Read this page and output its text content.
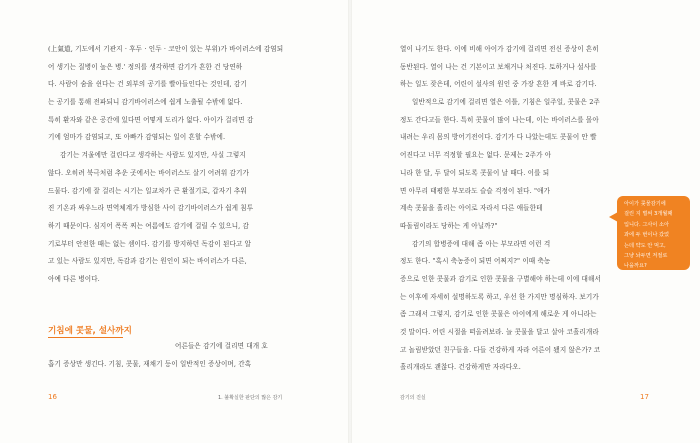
(上氣道, 기도에서 기관지 · 후두 · 인두 · 코안이 있는 부위)가 바이러스에 감염되
어 생기는 질병이 높은 병.' 정의를 생각하면 감기가 흔한 건 당연하
다. 사람이 숨을 쉰다는 건 외부의 공기를 빨아들인다는 것인데, 감기
는 공기를 통해 전파되니 감기바이러스에 쉽게 노출될 수밖에 없다.
특히 환자와 같은 공간에 있다면 어떻게 도리가 없다. 아이가 걸리면 감
기에 엄마가 감염되고, 또 아빠가 감염되는 일이 흔할 수밖에.
감기는 겨울에만 걸린다고 생각하는 사람도 있지만, 사실 그렇지
않다. 오히려 북극처럼 추운 곳에서는 바이러스도 살기 어려워 감기가
드물다. 감기에 잘 걸리는 시기는 일교차가 큰 환절기로, 갑자기 추워
진 기온과 싸우느라 면역체계가 방심한 사이 감기바이러스가 쉽게 침투
하기 때문이다. 심지어 폭폭 찌는 여름에도 감기에 걸릴 수 있으니, 감
기로부터 안전한 때는 없는 셈이다. 감기를 방지하던 독감이 된다고 알
고 있는 사람도 있지만, 독감과 감기는 원인이 되는 바이러스가 다른,
아예 다른 병이다.
기침에 콧물, 설사까지
어른들은 감기에 걸리면 대개 호
흡기 증상만 생긴다. 기침, 콧물, 재채기 등이 일반적인 증상이며, 간혹
16	1. 불확실한 판단의 많은 감기
열이 나기도 한다. 이에 비해 아이가 감기에 걸리면 전신 증상이 흔히
동반된다. 열이 나는 건 기본이고 보채거나 처진다. 토하거나 설사를
하는 일도 잦은데, 어린이 설사의 원인 중 가장 흔한 게 바로 감기다.
일반적으로 감기에 걸리면 열은 이틀, 기침은 일주일, 콧물은 2주
정도 간다고들 한다. 특히 콧물이 많이 나는데, 이는 바이러스를 몰아
내려는 우리 몸의 방어기전이다. 감기가 다 나았는데도 콧물이 안 빨
어진다고 너무 걱정할 필요는 없다. 문제는 2주가 아
니라 한 달, 두 달이 되도록 콧물이 날 때다. 이를 되
면 아무리 태평한 부모라도 슬슬 걱정이 된다. "애가
계속 콧물을 흘리는 아이로 자라서 다른 애들한테
따돌림이라도 당하는 게 아닐까?"
감기의 합병증에 대해 좀 아는 부모라면 이런 걱
정도 한다. "혹시 축농증이 되면 어쩌지?" 이때 축농
증으로 인한 콧물과 감기로 인한 콧물을 구별해야 하는데 이에 대해서
는 이후에 자세히 설명하도록 하고, 우선 한 가지만 명심하자. 보기가
좀 그래서 그렇지, 감기로 인한 콧물은 아이에게 해로운 게 아니라는
것 말이다. 어린 시절을 떠올려보라. 늘 콧물을 달고 살아 코흘리개라
고 놀림받았던 친구들을. 다들 건강하게 자라 어른이 됐지 않은가? 코
흘리개라도 괜찮다. 건강하게만 자라다오.
아이가 콧물감기에
걸린 지 벌써 3개월째
입니다. 그사이 소아
과에 두 번이나 갔었
는데 약도 안 먹고,
그냥 놔두면 저절로
나을까요?
감기의 진실	17
